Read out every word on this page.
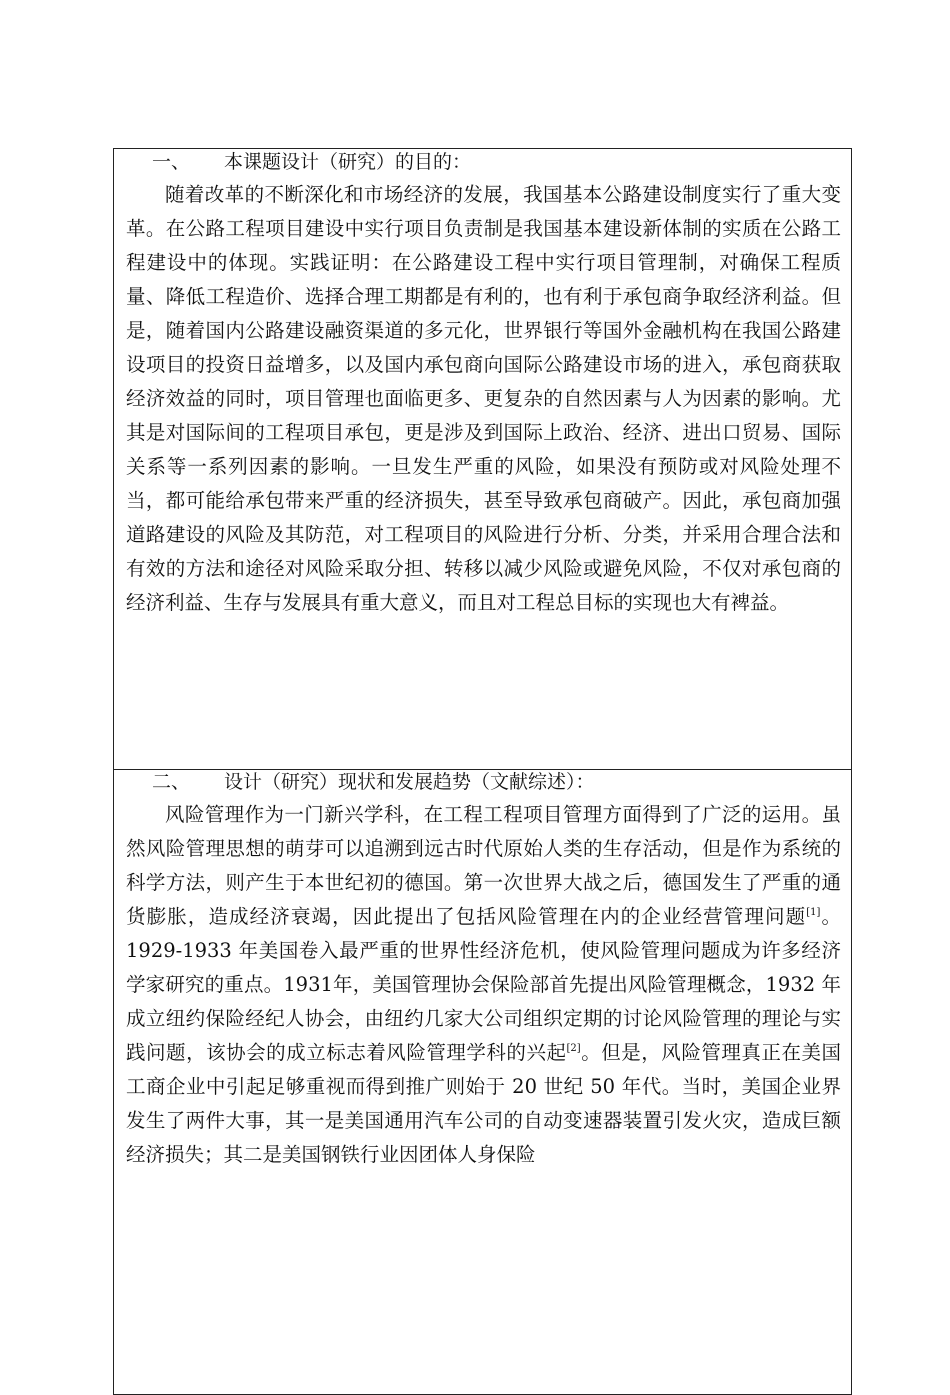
一、 本课题设计（研究）的目的：

随着改革的不断深化和市场经济的发展，我国基本公路建设制度实行了重大变革。在公路工程项目建设中实行项目负责制是我国基本建设新体制的实质在公路工程建设中的体现。实践证明：在公路建设工程中实行项目管理制，对确保工程质量、降低工程造价、选择合理工期都是有利的，也有利于承包商争取经济利益。但是，随着国内公路建设融资渠道的多元化，世界银行等国外金融机构在我国公路建设项目的投资日益增多，以及国内承包商向国际公路建设市场的进入，承包商获取经济效益的同时，项目管理也面临更多、更复杂的自然因素与人为因素的影响。尤其是对国际间的工程项目承包，更是涉及到国际上政治、经济、进出口贸易、国际关系等一系列因素的影响。一旦发生严重的风险，如果没有预防或对风险处理不当，都可能给承包带来严重的经济损失，甚至导致承包商破产。因此，承包商加强道路建设的风险及其防范，对工程项目的风险进行分析、分类，并采用合理合法和有效的方法和途径对风险采取分担、转移以减少风险或避免风险，不仅对承包商的经济利益、生存与发展具有重大意义，而且对工程总目标的实现也大有裨益。

二、 设计（研究）现状和发展趋势（文献综述）：

风险管理作为一门新兴学科，在工程工程项目管理方面得到了广泛的运用。虽然风险管理思想的萌芽可以追溯到远古时代原始人类的生存活动，但是作为系统的科学方法，则产生于本世纪初的德国。第一次世界大战之后，德国发生了严重的通货膨胀，造成经济衰竭，因此提出了包括风险管理在内的企业经营管理问题[1]。 1929-1933 年美国卷入最严重的世界性经济危机，使风险管理问题成为许多经济学家研究的重点。1931年，美国管理协会保险部首先提出风险管理概念，1932 年成立纽约保险经纪人协会，由纽约几家大公司组织定期的讨论风险管理的理论与实践问题，该协会的成立标志着风险管理学科的兴起[2]。但是，风险管理真正在美国工商企业中引起足够重视而得到推广则始于 20 世纪 50 年代。当时，美国企业界发生了两件大事，其一是美国通用汽车公司的自动变速器装置引发火灾，造成巨额经济损失；其二是美国钢铁行业因团体人身保险
